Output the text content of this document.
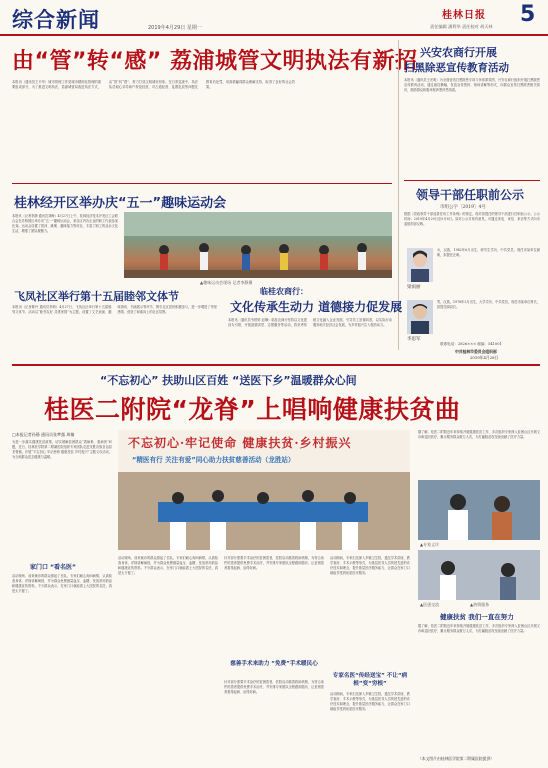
综合新闻	2019年4月29日 星期一
桂林日报
责任编辑 潘利华 责任校对 胡天林 5
由“管”转“感” 荔浦城管文明执法有新招
本报讯（通讯员王平华）城市管理工作是城市精细化管理的重要组成部分，为了推进文明执法，荔浦城管局改进执法方式，由“管”转“感”，努力打造文明城市形象。在日常巡查中，执法队员耐心劝导商户规范经营，对占道经营、乱摆乱放等问题先教育后处罚，用真情赢得群众理解支持，取得了良好的社会效果。
桂林经开区举办庆“五一”趣味运动会
本报讯（记者李静 通讯员刘梅）4月27日上午，桂林经济技术开发区工会联合会在苏桥园区举办庆“五一”趣味运动会，来自区内各企业的职工代表参加比赛。运动会设置了拔河、跳绳、趣味接力等项目，丰富了职工的业余文化生活，增强了团队凝聚力。
▲趣味运动会现场 记者李静摄
飞凤社区举行第十五届睦邻文体节
本报讯（记者陈丹 通讯员李莉）4月27日，飞凤社区举行第十五届睦邻文体节，活动以“睦邻友好 共建家园”为主题，设置了文艺表演、趣味游戏、书画展示等环节，吸引社区居民积极参与，进一步增进了邻里感情，营造了和谐向上的社区氛围。
临桂农商行：
文化传承生动力 道德接力促发展
本报讯（通讯员韦婷婷 赵琳）临桂农商行坚持以文化建设为引领，开展道德讲堂、志愿服务等活动，将优秀传统文化融入企业发展，引导员工崇德向善，以实际行动服务地方经济社会发展，为乡村振兴注入强劲动力。
兴安农商行开展
扫黑除恶宣传教育活动
本报讯（通讯员王光明）为全面营造扫黑除恶专项斗争浓厚氛围，兴安农商行组织开展扫黑除恶宣传教育活动，通过悬挂横幅、发放宣传资料、现场讲解等形式，向群众宣传扫黑除恶相关知识，鼓励群众积极举报涉黑涉恶线索。
领导干部任职前公示
市组公字〔2019〕4号
根据《党政领导干部选拔任用工作条例》的规定，现对拟提任的领导干部进行任职前公示。公示时间：2019年4月29日至5月8日。如对公示对象有意见，可通过来电、来信、来访等方式向市委组织部反映。
梁雨丽
女，汉族，1982年6月出生，研究生学历，中共党员，现任市某单位副职，拟提任正职。
李思军
男，汉族，1978年3月出生，大学学历，中共党员，现任市某单位科长，拟提任副局长。
联系电话：2826××× 邮编：541001
中共桂林市委员会组织部
2019年4月28日
“不忘初心” 扶助山区百姓 “送医下乡”温暖群众心间
桂医二附院“龙脊”上唱响健康扶贫曲
□本报记者孙静 通讯员张梦露 周楠
为进一步落实健康扶贫政策，切实缓解贫困群众“看病难、看病贵”问题，近日，桂林医学院第二附属医院组织专家团队走进龙胜各族自治县龙脊镇，开展“不忘初心 牢记使命 健康扶贫 乡村振兴”主题义诊活动，为当地群众送去健康与温暖。
家门口 “看名医”
活动现场，前来就诊的群众排起了长队，专家们耐心询问病情，认真检查身体，详细讲解病因，并为群众免费测量血压、血糖，发放常用药品和健康宣传资料。不少群众表示，在家门口就能看上大医院的名医，真是太方便了。
不忘初心·牢记使命 健康扶贫·乡村振兴
“精医有行 关注有爱”同心助力扶贫慈善活动（龙胜站）
活动现场，前来就诊的群众排起了长队，专家们耐心询问病情，认真检查身体，详细讲解病因，并为群众免费测量血压、血糖，发放常用药品和健康宣传资料。不少群众表示，在家门口就能看上大医院的名医，真是太方便了。
针对部分需要手术治疗的贫困患者，医院启动慈善救助机制，为符合条件的患者提供免费手术治疗，并安排专家团队全程跟踪随访，让贫困患者看得起病、治得好病。
慈善手术来助力 “免费”手术暖民心
针对部分需要手术治疗的贫困患者，医院启动慈善救助机制，为符合条件的患者提供免费手术治疗，并安排专家团队全程跟踪随访，让贫困患者看得起病、治得好病。
活动期间，专家们还深入乡镇卫生院，通过学术讲座、教学查房、手术示教等形式，为基层医务人员传授先进的诊疗技术和理念，提升基层医疗服务能力，让群众在家门口就能享受到优质医疗服务。
专家名医“传经送宝” 不让“病根”变“穷根”
活动期间，专家们还深入乡镇卫生院，通过学术讲座、教学查房、手术示教等形式，为基层医务人员传授先进的诊疗技术和理念，提升基层医疗服务能力，让群众在家门口就能享受到优质医疗服务。
据了解，桂医二附院近年来持续开展健康扶贫工作，多次组织专家深入贫困山区开展义诊和巡回医疗，累计服务群众数万人次，为打赢脱贫攻坚战贡献了医疗力量。
▲专家义诊
▲医患交流	▲热情服务
健康扶贫 我们一直在努力
据了解，桂医二附院近年来持续开展健康扶贫工作，多次组织专家深入贫困山区开展义诊和巡回医疗，累计服务群众数万人次，为打赢脱贫攻坚战贡献了医疗力量。
（本文图片由桂林医学院第二附属医院提供）
